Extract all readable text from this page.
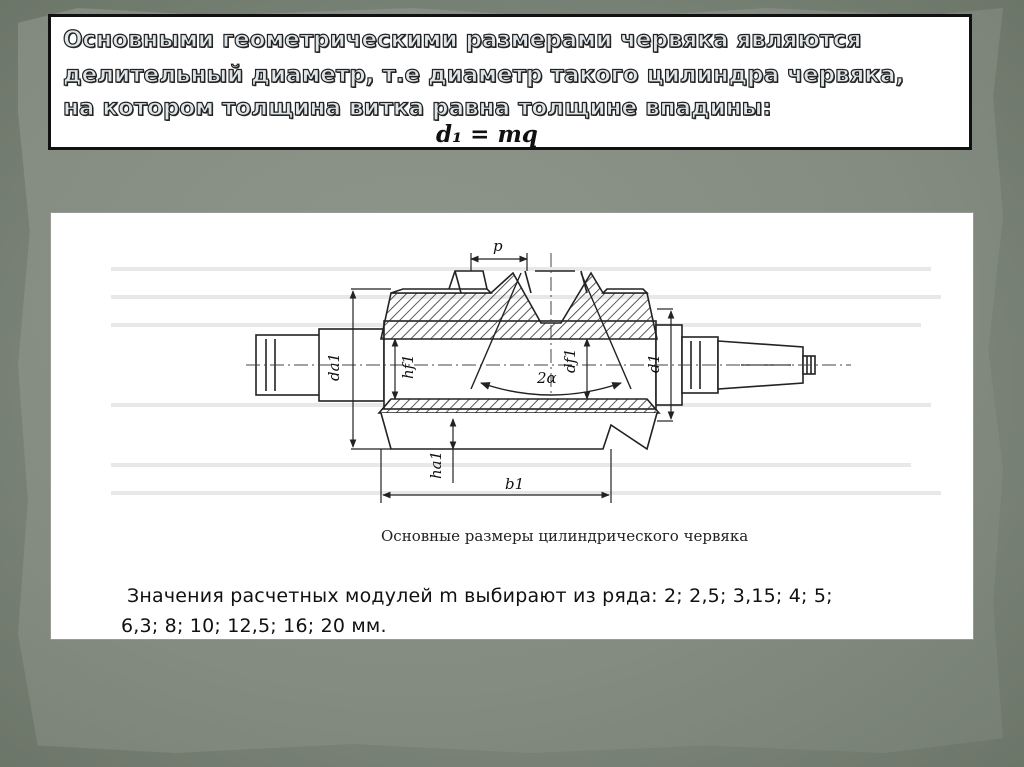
Основными геометрическими размерами червяка являются
делительный диаметр, т.е диаметр такого цилиндра червяка,
на котором толщина витка равна толщине впадины:
d₁ = mq
p
da1	hf1	2α
df1	d1
ha1
b1
Основные размеры цилиндрического червяка
Значения расчетных модулей m выбирают из ряда: 2; 2,5; 3,15; 4; 5;
6,3; 8; 10; 12,5; 16; 20 мм.
